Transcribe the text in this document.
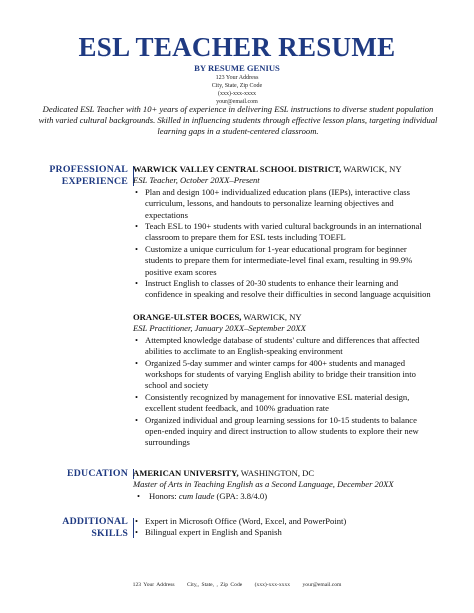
ESL TEACHER RESUME
BY RESUME GENIUS
123 Your Address
City, State, Zip Code
(xxx)-xxx-xxxx
your@email.com
Dedicated ESL Teacher with 10+ years of experience in delivering ESL instructions to diverse student population with varied cultural backgrounds. Skilled in influencing students through effective lesson plans, targeting individual learning gaps in a student-centered classroom.
PROFESSIONAL
EXPERIENCE
WARWICK VALLEY CENTRAL SCHOOL DISTRICT, WARWICK, NY
ESL Teacher, October 20XX–Present
• Plan and design 100+ individualized education plans (IEPs), interactive class curriculum, lessons, and handouts to personalize learning objectives and expectations
• Teach ESL to 190+ students with varied cultural backgrounds in an international classroom to prepare them for ESL tests including TOEFL
• Customize a unique curriculum for 1-year educational program for beginner students to prepare them for intermediate-level final exam, resulting in 99.9% positive exam scores
• Instruct English to classes of 20-30 students to enhance their learning and confidence in speaking and resolve their difficulties in second language acquisition
ORANGE-ULSTER BOCES, WARWICK, NY
ESL Practitioner, January 20XX–September 20XX
• Attempted knowledge database of students' culture and differences that affected abilities to acclimate to an English-speaking environment
• Organized 5-day summer and winter camps for 400+ students and managed workshops for students of varying English ability to bridge their transition into school and society
• Consistently recognized by management for innovative ESL material design, excellent student feedback, and 100% graduation rate
• Organized individual and group learning sessions for 10-15 students to balance open-ended inquiry and direct instruction to allow students to explore their new surroundings
EDUCATION AMERICAN UNIVERSITY, WASHINGTON, DC
Master of Arts in Teaching English as a Second Language, December 20XX
• Honors: cum laude (GPA: 3.8/4.0)
ADDITIONAL
SKILLS
• Expert in Microsoft Office (Word, Excel, and PowerPoint)
• Bilingual expert in English and Spanish
123 Your Address City,, State, , Zip Code (xxx)-xxx-xxxx your@email.com
